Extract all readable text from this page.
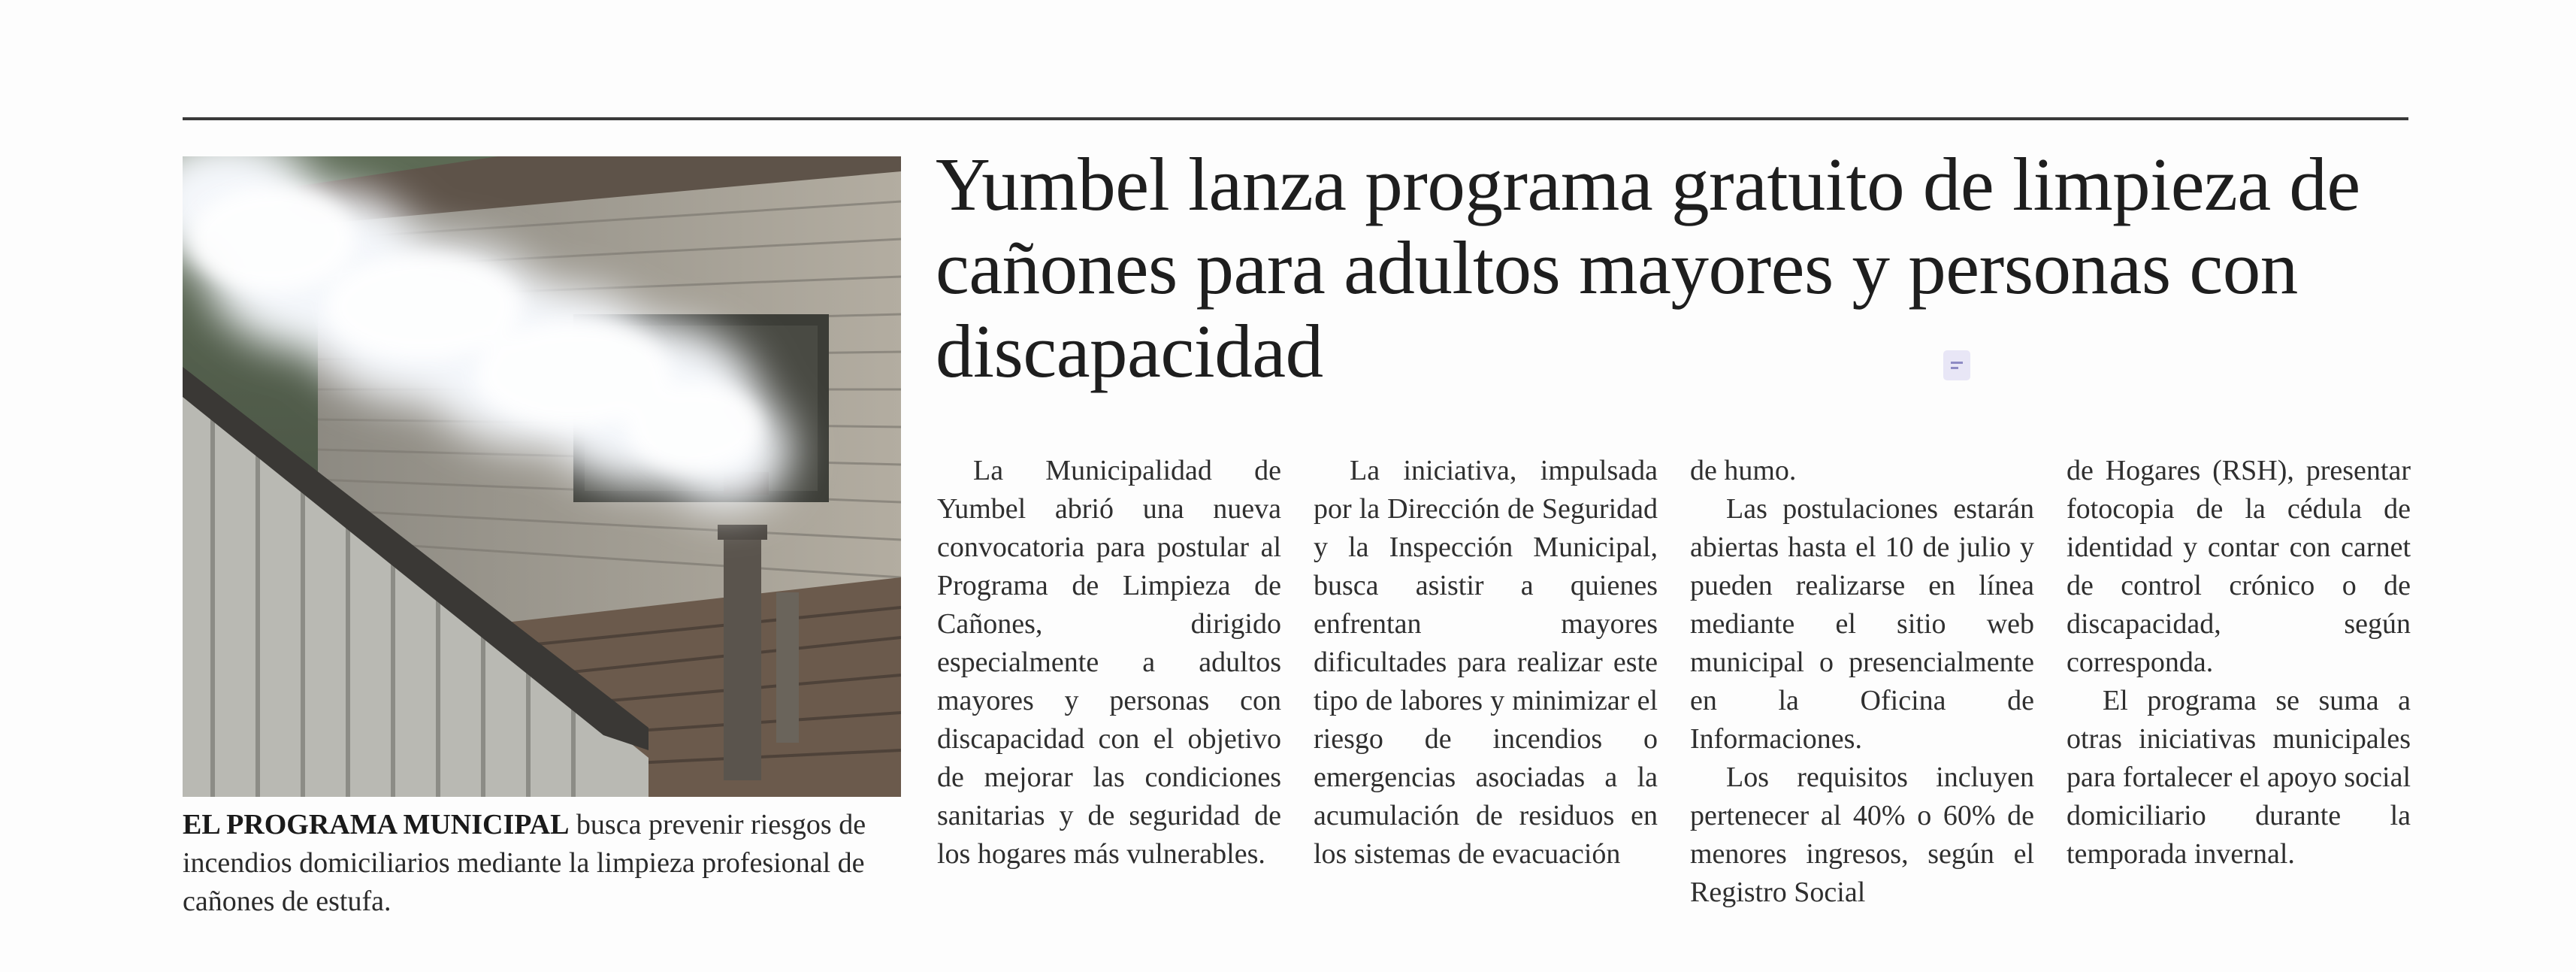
EL PROGRAMA MUNICIPAL busca prevenir riesgos de incendios domiciliarios mediante la limpieza profesional de cañones de estufa.

Yumbel lanza programa gratuito de limpieza de cañones para adultos mayores y personas con discapacidad

La Municipalidad de Yumbel abrió una nueva convocatoria para postular al Programa de Limpieza de Cañones, dirigido especialmente a adultos mayores y personas con discapacidad con el objetivo de mejorar las condiciones sanitarias y de seguridad de los hogares más vulnerables.

La iniciativa, impulsada por la Dirección de Seguridad y la Inspección Municipal, busca asistir a quienes enfrentan mayores dificultades para realizar este tipo de labores y minimizar el riesgo de incendios o emergencias asociadas a la acumulación de residuos en los sistemas de evacuación

de humo.

Las postulaciones estarán abiertas hasta el 10 de julio y pueden realizarse en línea mediante el sitio web municipal o presencialmente en la Oficina de Informaciones.

Los requisitos incluyen pertenecer al 40% o 60% de menores ingresos, según el Registro Social

de Hogares (RSH), presentar fotocopia de la cédula de identidad y contar con carnet de control crónico o de discapacidad, según corresponda.

El programa se suma a otras iniciativas municipales para fortalecer el apoyo social domiciliario durante la temporada invernal.
